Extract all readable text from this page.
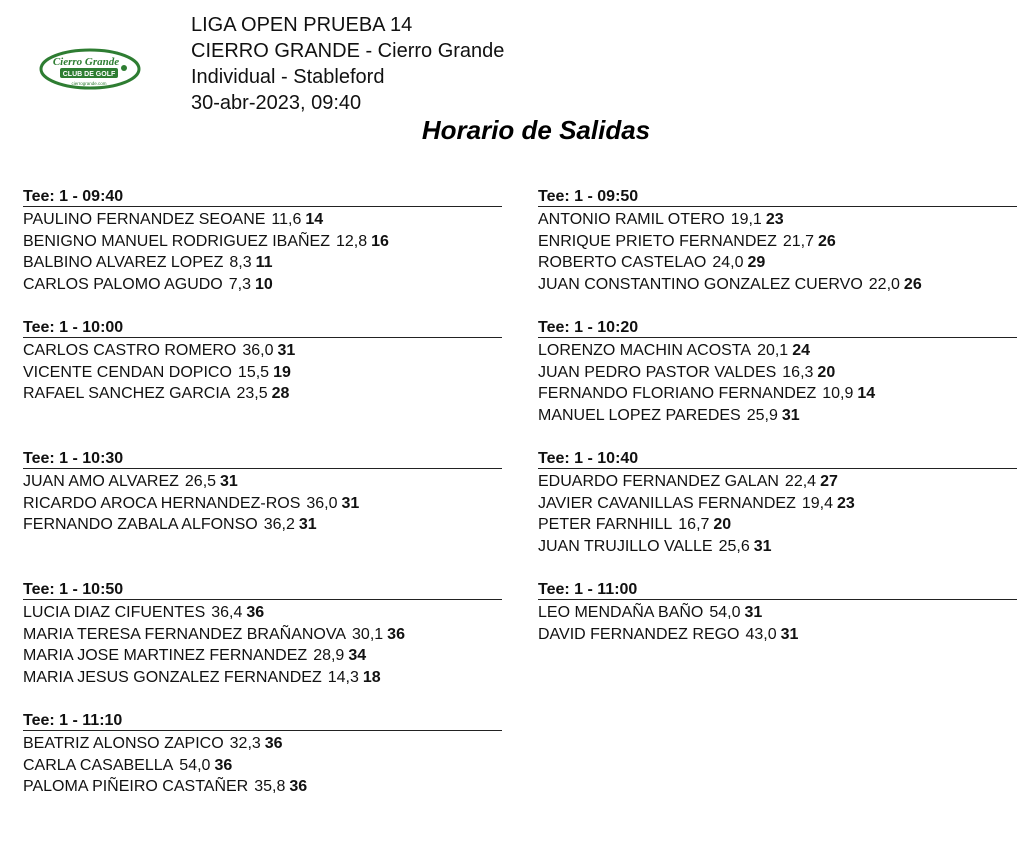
Cierro Grande
CLUB DE GOLF
cierrogrande.com
LIGA OPEN PRUEBA 14
CIERRO GRANDE - Cierro Grande
Individual - Stableford
30-abr-2023, 09:40
Horario de Salidas
Tee: 1 - 09:40
PAULINO FERNANDEZ SEOANE 11,6 14
BENIGNO MANUEL RODRIGUEZ IBAÑEZ 12,8 16
BALBINO ALVAREZ LOPEZ 8,3 11
CARLOS PALOMO AGUDO 7,3 10
Tee: 1 - 10:00
CARLOS CASTRO ROMERO 36,0 31
VICENTE CENDAN DOPICO 15,5 19
RAFAEL SANCHEZ GARCIA 23,5 28
Tee: 1 - 10:30
JUAN AMO ALVAREZ 26,5 31
RICARDO AROCA HERNANDEZ-ROS 36,0 31
FERNANDO ZABALA ALFONSO 36,2 31
Tee: 1 - 10:50
LUCIA DIAZ CIFUENTES 36,4 36
MARIA TERESA FERNANDEZ BRAÑANOVA 30,1 36
MARIA JOSE MARTINEZ FERNANDEZ 28,9 34
MARIA JESUS GONZALEZ FERNANDEZ 14,3 18
Tee: 1 - 11:10
BEATRIZ ALONSO ZAPICO 32,3 36
CARLA CASABELLA 54,0 36
PALOMA PIÑEIRO CASTAÑER 35,8 36
Tee: 1 - 09:50
ANTONIO RAMIL OTERO 19,1 23
ENRIQUE PRIETO FERNANDEZ 21,7 26
ROBERTO CASTELAO 24,0 29
JUAN CONSTANTINO GONZALEZ CUERVO 22,0 26
Tee: 1 - 10:20
LORENZO MACHIN ACOSTA 20,1 24
JUAN PEDRO PASTOR VALDES 16,3 20
FERNANDO FLORIANO FERNANDEZ 10,9 14
MANUEL LOPEZ PAREDES 25,9 31
Tee: 1 - 10:40
EDUARDO FERNANDEZ GALAN 22,4 27
JAVIER CAVANILLAS FERNANDEZ 19,4 23
PETER FARNHILL 16,7 20
JUAN TRUJILLO VALLE 25,6 31
Tee: 1 - 11:00
LEO MENDAÑA BAÑO 54,0 31
DAVID FERNANDEZ REGO 43,0 31
